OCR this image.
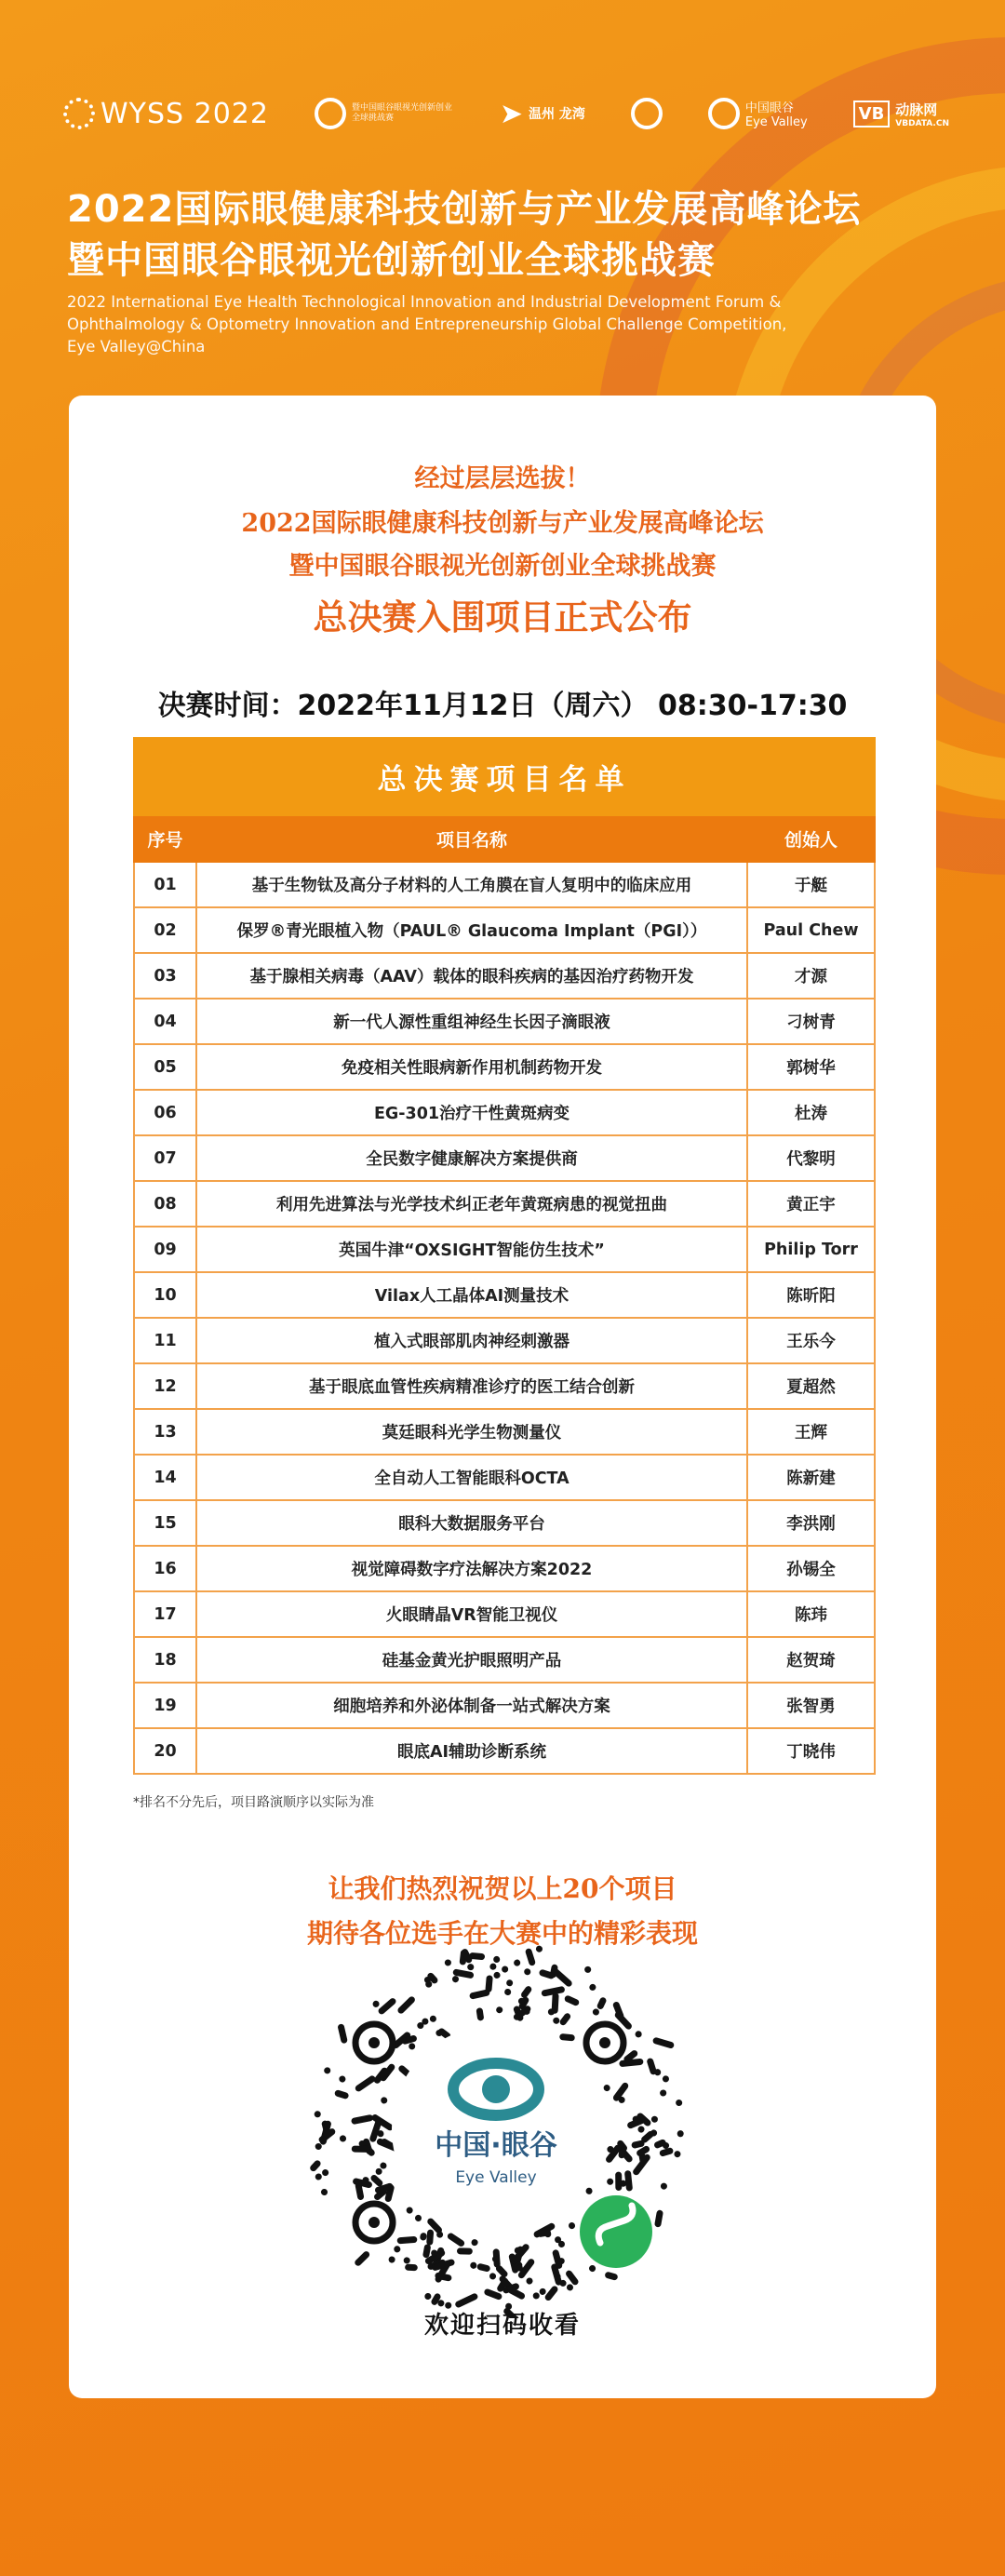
WYSS 2022	暨中国眼谷眼视光创新创业全球挑战赛	➤ 温州 龙湾	中国眼谷
Eye Valley	VB 动脉网
VBDATA.CN
2022国际眼健康科技创新与产业发展高峰论坛
暨中国眼谷眼视光创新创业全球挑战赛
2022 International Eye Health Technological Innovation and Industrial Development Forum &
Ophthalmology & Optometry Innovation and Entrepreneurship Global Challenge Competition,
Eye Valley@China
经过层层选拔！
2022国际眼健康科技创新与产业发展高峰论坛
暨中国眼谷眼视光创新创业全球挑战赛
总决赛入围项目正式公布
决赛时间：2022年11月12日（周六） 08:30-17:30
总决赛项目名单		
序号	项目名称	创始人
01	基于生物钛及高分子材料的人工角膜在盲人复明中的临床应用	于艇
02	保罗®青光眼植入物（PAUL® Glaucoma Implant（PGI））	Paul Chew
03	基于腺相关病毒（AAV）载体的眼科疾病的基因治疗药物开发	才源
04	新一代人源性重组神经生长因子滴眼液	刁树青
05	免疫相关性眼病新作用机制药物开发	郭树华
06	EG-301治疗干性黄斑病变	杜涛
07	全民数字健康解决方案提供商	代黎明
08	利用先进算法与光学技术纠正老年黄斑病患的视觉扭曲	黄正宇
09	英国牛津“OXSIGHT智能仿生技术”	Philip Torr
10	Vilax人工晶体AI测量技术	陈昕阳
11	植入式眼部肌肉神经刺激器	王乐今
12	基于眼底血管性疾病精准诊疗的医工结合创新	夏超然
13	莫廷眼科光学生物测量仪	王辉
14	全自动人工智能眼科OCTA	陈新建
15	眼科大数据服务平台	李洪刚
16	视觉障碍数字疗法解决方案2022	孙锡全
17	火眼睛晶VR智能卫视仪	陈玮
18	硅基金黄光护眼照明产品	赵贺琦
19	细胞培养和外泌体制备一站式解决方案	张智勇
20	眼底AI辅助诊断系统	丁晓伟
*排名不分先后，项目路演顺序以实际为准
让我们热烈祝贺以上20个项目
期待各位选手在大赛中的精彩表现
中国·眼谷
Eye Valley
欢迎扫码收看
